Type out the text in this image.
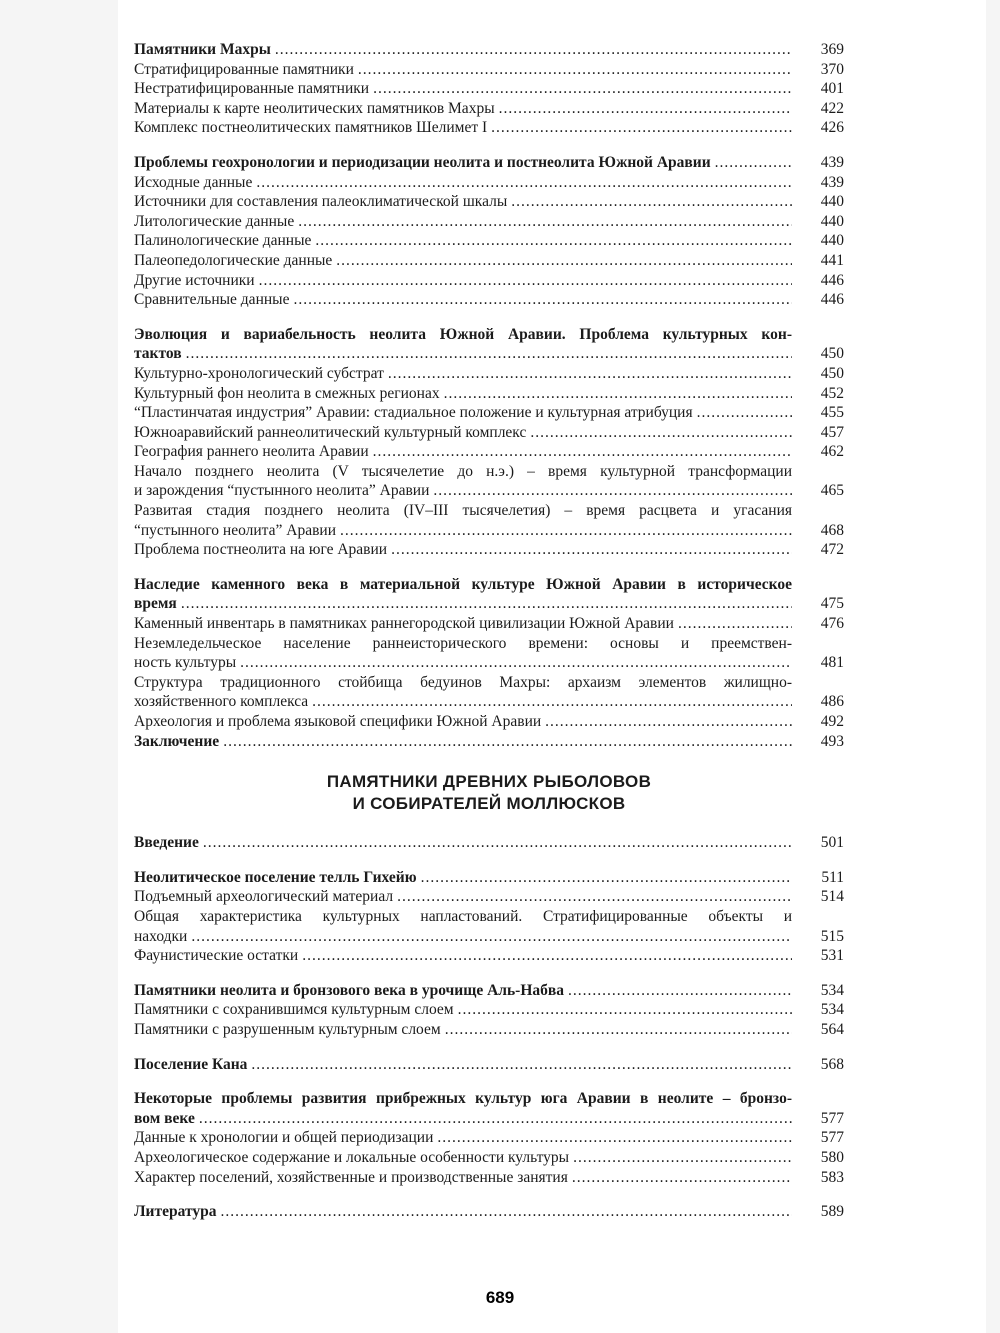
Памятники Махры .....	369
Стратифицированные памятники .....	370
Нестратифицированные памятники .....	401
Материалы к карте неолитических памятников Махры .....	422
Комплекс постнеолитических памятников Шелимет I .....	426
Проблемы геохронологии и периодизации неолита и постнеолита Южной Аравии .....	439
Исходные данные .....	439
Источники для составления палеоклиматической шкалы .....	440
Литологические данные .....	440
Палинологические данные .....	440
Палеопедологические данные .....	441
Другие источники .....	446
Сравнительные данные .....	446
Эволюция и вариабельность неолита Южной Аравии. Проблема культурных кон-
тактов .....	450
Культурно-хронологический субстрат .....	450
Культурный фон неолита в смежных регионах .....	452
“Пластинчатая индустрия” Аравии: стадиальное положение и культурная атрибуция .....	455
Южноаравийский раннеолитический культурный комплекс .....	457
География раннего неолита Аравии .....	462
Начало позднего неолита (V тысячелетие до н.э.) – время культурной трансформации
и зарождения “пустынного неолита” Аравии .....	465
Развитая стадия позднего неолита (IV–III тысячелетия) – время расцвета и угасания
“пустынного неолита” Аравии .....	468
Проблема постнеолита на юге Аравии .....	472
Наследие каменного века в материальной культуре Южной Аравии в историческое
время .....	475
Каменный инвентарь в памятниках раннегородской цивилизации Южной Аравии .....	476
Неземледельческое население раннеисторического времени: основы и преемствен-
ность культуры .....	481
Структура традиционного стойбища бедуинов Махры: архаизм элементов жилищно-
хозяйственного комплекса .....	486
Археология и проблема языковой специфики Южной Аравии .....	492
Заключение .....	493
ПАМЯТНИКИ ДРЕВНИХ РЫБОЛОВОВ
И СОБИРАТЕЛЕЙ МОЛЛЮСКОВ
Введение .....	501
Неолитическое поселение телль Гихейю .....	511
Подъемный археологический материал .....	514
Общая характеристика культурных напластований. Стратифицированные объекты и
находки .....	515
Фаунистические остатки .....	531
Памятники неолита и бронзового века в урочище Аль-Набва .....	534
Памятники с сохранившимся культурным слоем .....	534
Памятники с разрушенным культурным слоем .....	564
Поселение Кана .....	568
Некоторые проблемы развития прибрежных культур юга Аравии в неолите – бронзо-
вом веке .....	577
Данные к хронологии и общей периодизации .....	577
Археологическое содержание и локальные особенности культуры .....	580
Характер поселений, хозяйственные и производственные занятия .....	583
Литература .....	589
689
